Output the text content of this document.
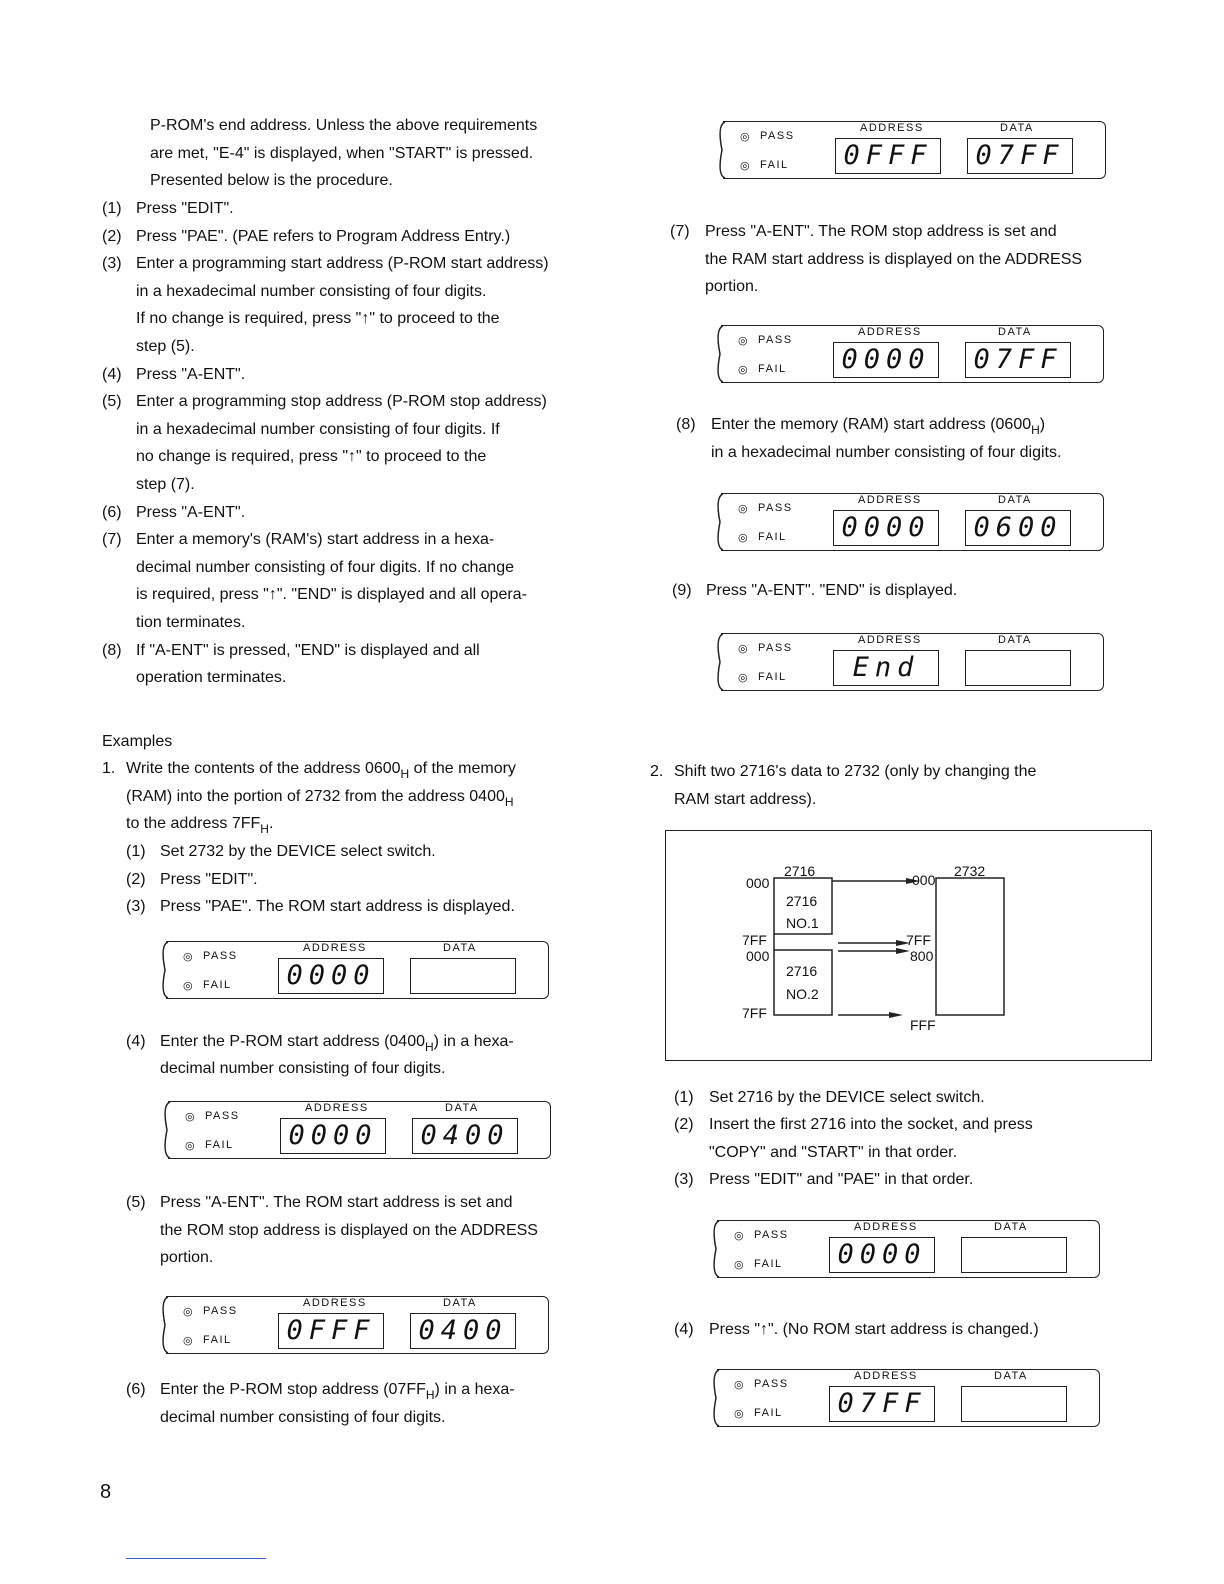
P-ROM's end address. Unless the above requirements
are met, "E-4" is displayed, when "START" is pressed.
Presented below is the procedure.
(1) Press "EDIT".
(2) Press "PAE". (PAE refers to Program Address Entry.)
(3) Enter a programming start address (P-ROM start address)
in a hexadecimal number consisting of four digits.
If no change is required, press "↑" to proceed to the
step (5).
(4) Press "A-ENT".
(5) Enter a programming stop address (P-ROM stop address)
in a hexadecimal number consisting of four digits. If
no change is required, press "↑" to proceed to the
step (7).
(6) Press "A-ENT".
(7) Enter a memory's (RAM's) start address in a hexa-
decimal number consisting of four digits. If no change
is required, press "↑". "END" is displayed and all opera-
tion terminates.
(8) If "A-ENT" is pressed, "END" is displayed and all
operation terminates.
Examples
1. Write the contents of the address $0600_H$ of the memory
(RAM) into the portion of 2732 from the address $0400_H$
to the address $7FF_H$.
(1) Set 2732 by the DEVICE select switch.
(2) Press "EDIT".
(3) Press "PAE". The ROM start address is displayed.
(4) Enter the P-ROM start address $(0400_H)$ in a hexa-
decimal number consisting of four digits.
(5) Press "A-ENT". The ROM start address is set and
the ROM stop address is displayed on the ADDRESS
portion.
(6) Enter the P-ROM stop address $(07FF_H)$ in a hexa-
decimal number consisting of four digits.
8
(7) Press "A-ENT". The ROM stop address is set and
the RAM start address is displayed on the ADDRESS
portion.
(8) Enter the memory (RAM) start address $(0600_H)$
in a hexadecimal number consisting of four digits.
(9) Press "A-ENT". "END" is displayed.
2. Shift two 2716's data to 2732 (only by changing the
RAM start address).
2716	2732
000
2716
NO.1
7FF
000
2716
NO.2
7FF
000
7FF
800
FFF
(1) Set 2716 by the DEVICE select switch.
(2) Insert the first 2716 into the socket, and press
"COPY" and "START" in that order.
(3) Press "EDIT" and "PAE" in that order.
(4) Press "↑". (No ROM start address is changed.)
◎ PASS
◎ FAIL
ADDRESS	DATA
0FFF 07FF
◎ PASS
◎ FAIL
ADDRESS	DATA
0000 07FF
◎ PASS
◎ FAIL
ADDRESS	DATA
0000 0600
◎ PASS
◎ FAIL
ADDRESS	DATA
End
◎ PASS
◎ FAIL
ADDRESS	DATA
0000
◎ PASS
◎ FAIL
ADDRESS	DATA
0000 0400
◎ PASS
◎ FAIL
ADDRESS	DATA
0FFF 0400
◎ PASS
◎ FAIL
ADDRESS	DATA
0000
◎ PASS
◎ FAIL
ADDRESS	DATA
07FF
